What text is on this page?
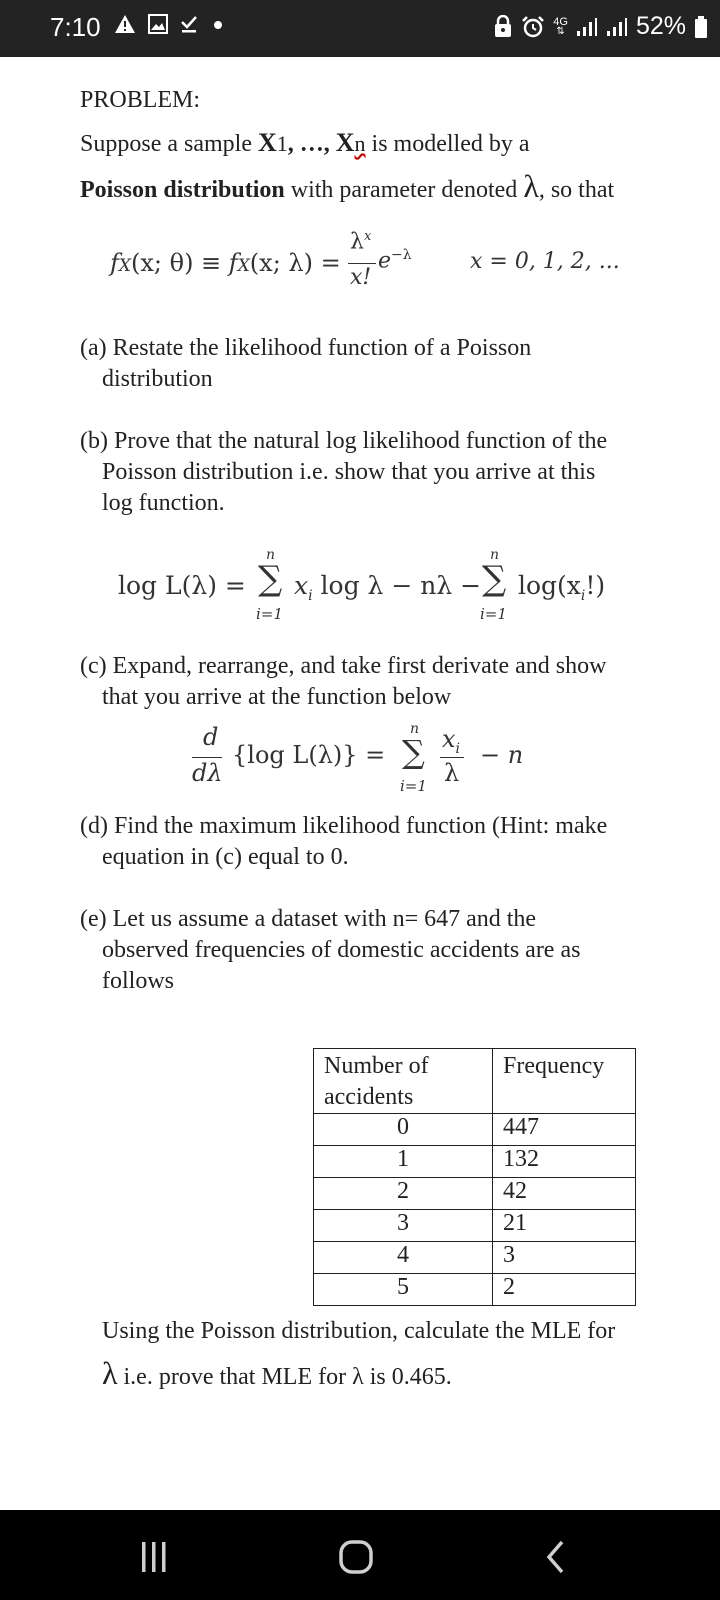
7:10	4G
⇅	52%

PROBLEM:

Suppose a sample X1, …, Xn is modelled by a

Poisson distribution with parameter denoted λ, so that

fX(x; θ) ≡ fX(x; λ) =
$\lambda^x$
x!
$e^{-\lambda}$	x = 0, 1, 2, ...

(a) Restate the likelihood function of a Poisson

distribution

(b) Prove that the natural log likelihood function of the

Poisson distribution i.e. show that you arrive at this

log function.

log L(λ) =
n
∑
i=1
$x_i$ log λ − nλ −
n
∑
i=1
$\log(x_i!)$

(c) Expand, rearrange, and take first derivate and show

that you arrive at the function below

d
dλ
{log L(λ)} =
n
∑
i=1
$x_i$
λ
− n

(d) Find the maximum likelihood function (Hint: make

equation in (c) equal to 0.

(e) Let us assume a dataset with n= 647 and the

observed frequencies of domestic accidents are as

follows

Number of
accidents	Frequency
0	447
1	132
2	42
3	21
4	3
5	2

Using the Poisson distribution, calculate the MLE for

λ i.e. prove that MLE for λ is 0.465.
